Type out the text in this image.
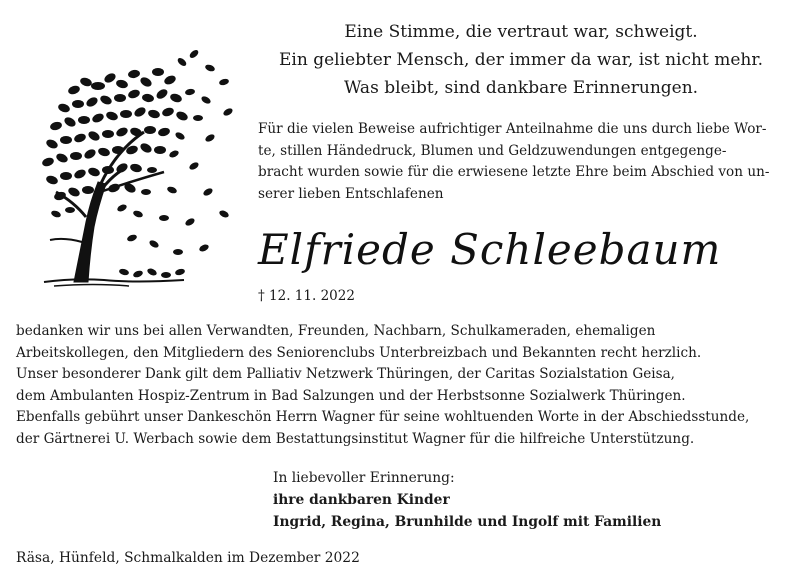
Eine Stimme, die vertraut war, schweigt.
Ein geliebter Mensch, der immer da war, ist nicht mehr.
Was bleibt, sind dankbare Erinnerungen.
Für die vielen Beweise aufrichtiger Anteilnahme die uns durch liebe Wor-
te, stillen Händedruck, Blumen und Geldzuwendungen entgegenge-
bracht wurden sowie für die erwiesene letzte Ehre beim Abschied von un-
serer lieben Entschlafenen
Elfriede Schleebaum
† 12. 11. 2022
bedanken wir uns bei allen Verwandten, Freunden, Nachbarn, Schulkameraden, ehemaligen
Arbeitskollegen, den Mitgliedern des Seniorenclubs Unterbreizbach und Bekannten recht herzlich.
Unser besonderer Dank gilt dem Palliativ Netzwerk Thüringen, der Caritas Sozialstation Geisa,
dem Ambulanten Hospiz-Zentrum in Bad Salzungen und der Herbstsonne Sozialwerk Thüringen.
Ebenfalls gebührt unser Dankeschön Herrn Wagner für seine wohltuenden Worte in der Abschiedsstunde,
der Gärtnerei U. Werbach sowie dem Bestattungsinstitut Wagner für die hilfreiche Unterstützung.
In liebevoller Erinnerung:
ihre dankbaren Kinder
Ingrid, Regina, Brunhilde und Ingolf mit Familien
Räsa, Hünfeld, Schmalkalden im Dezember 2022
